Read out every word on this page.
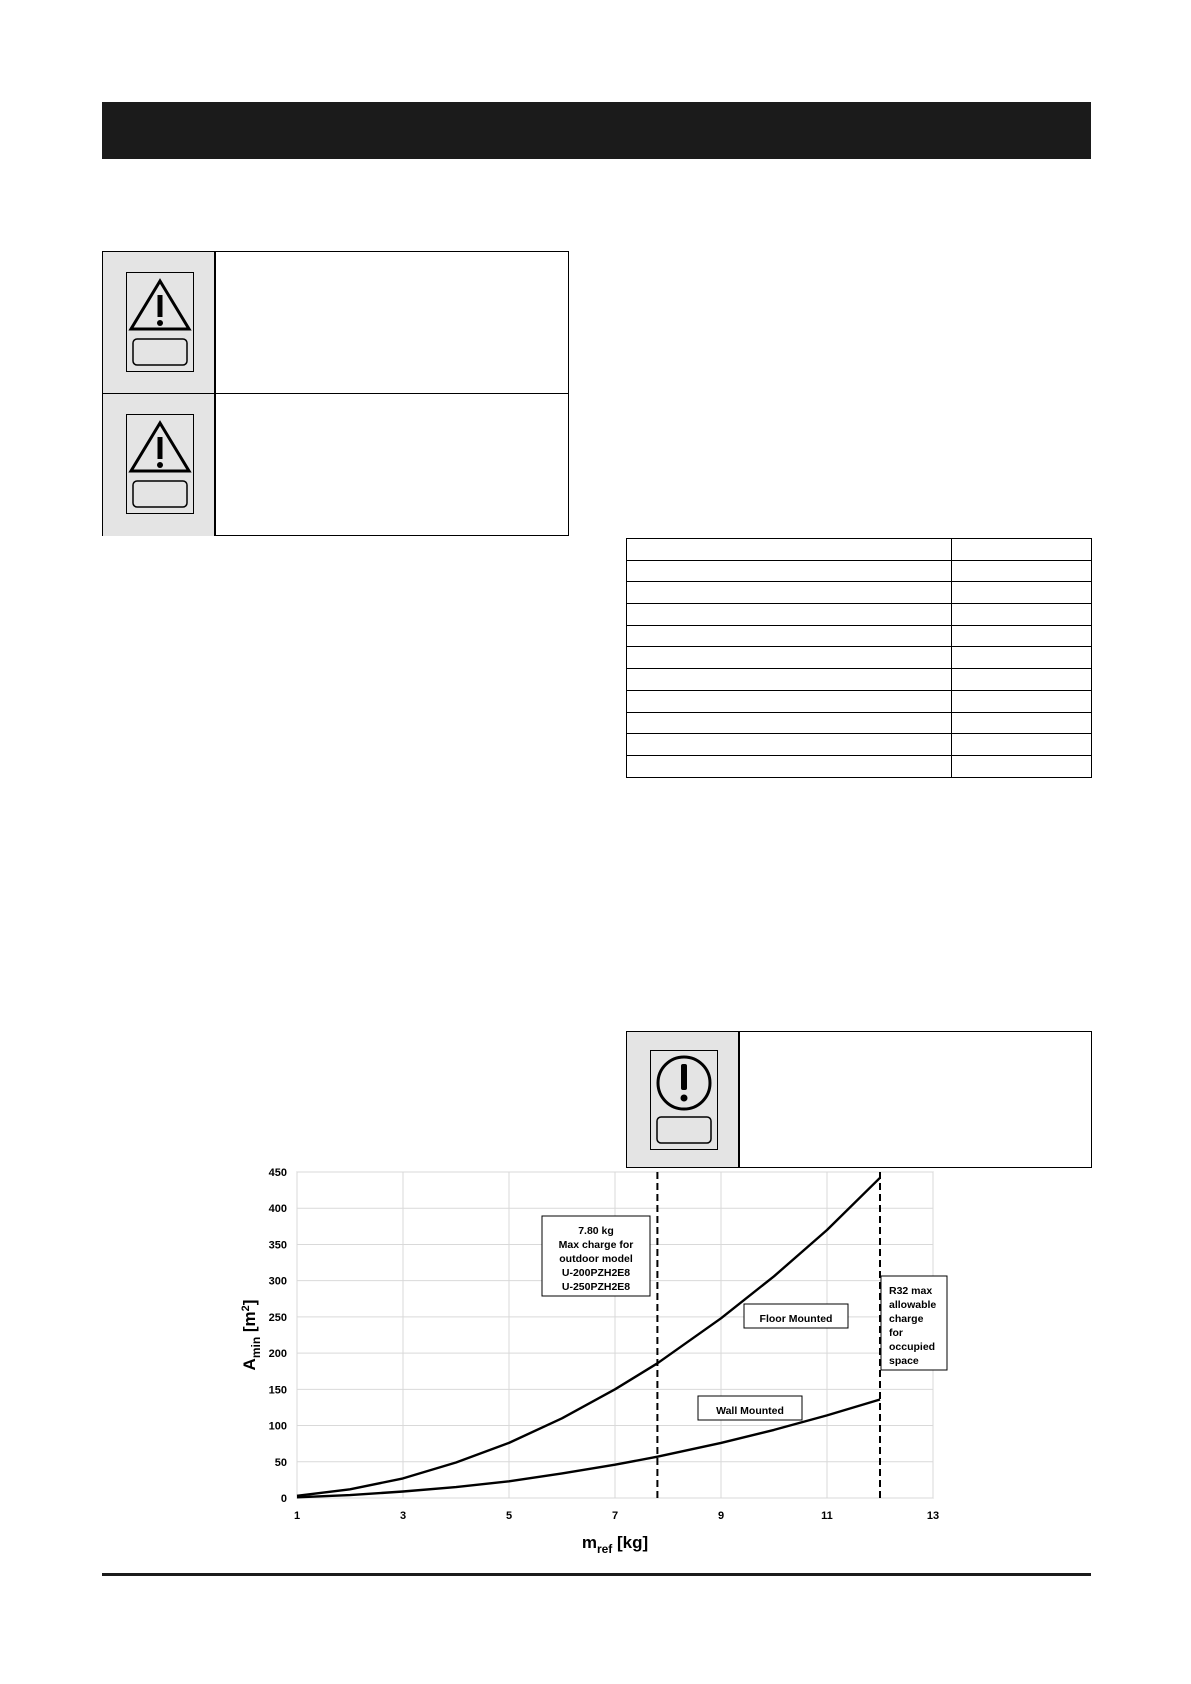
0
50
100
150
200
250
300
350
400
450
1	3	5	7	9	11	13
$m_{ref}$ [kg]
$A_{min}$ $[m^2]$
7.80 kg
Max charge for
outdoor model
U-200PZH2E8
U-250PZH2E8
Floor Mounted
Wall Mounted
R32 max
allowable
charge
for
occupied
space
